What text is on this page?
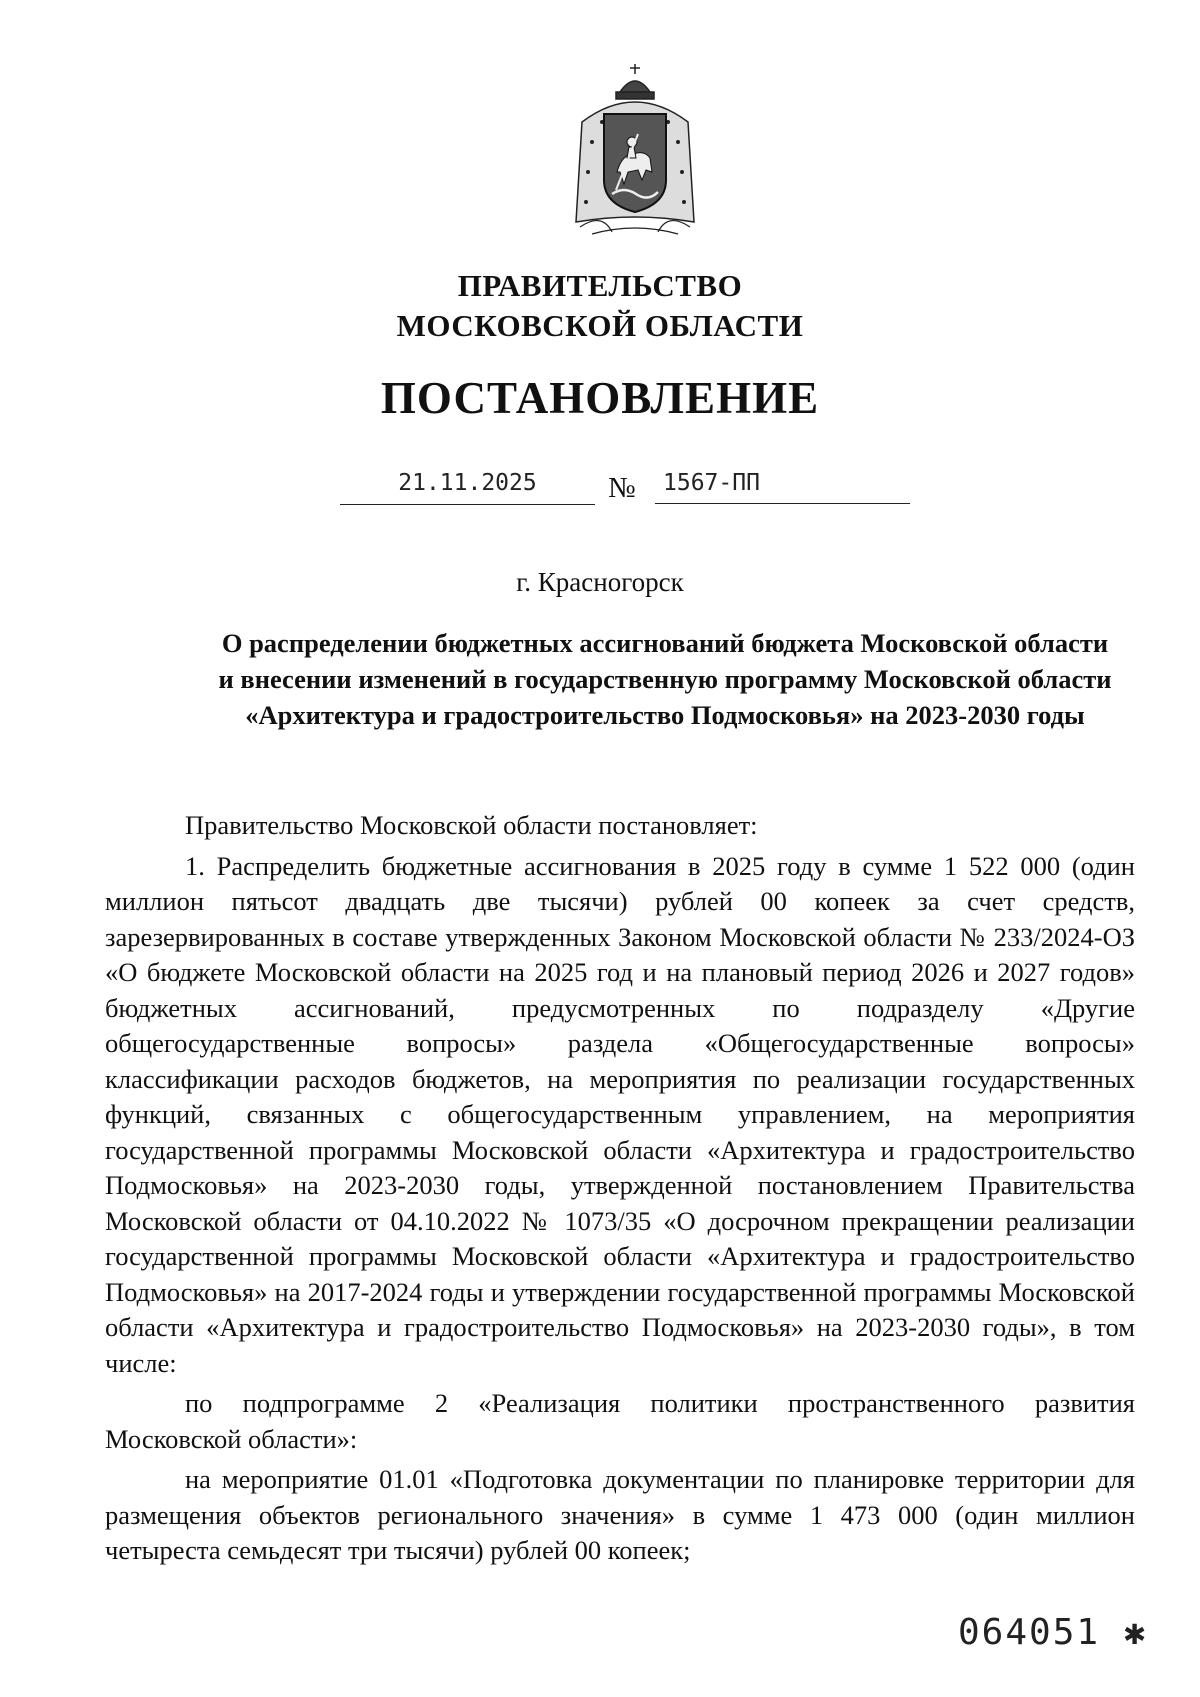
ПРАВИТЕЛЬСТВО
МОСКОВСКОЙ ОБЛАСТИ
ПОСТАНОВЛЕНИЕ
21.11.2025	№	1567-ПП
г. Красногорск
О распределении бюджетных ассигнований бюджета Московской области и внесении изменений в государственную программу Московской области «Архитектура и градостроительство Подмосковья» на 2023-2030 годы

Правительство Московской области постановляет:

1. Распределить бюджетные ассигнования в 2025 году в сумме 1 522 000 (один миллион пятьсот двадцать две тысячи) рублей 00 копеек за счет средств, зарезервированных в составе утвержденных Законом Московской области № 233/2024-ОЗ «О бюджете Московской области на 2025 год и на плановый период 2026 и 2027 годов» бюджетных ассигнований, предусмотренных по подразделу «Другие общегосударственные вопросы» раздела «Общегосударственные вопросы» классификации расходов бюджетов, на мероприятия по реализации государственных функций, связанных с общегосударственным управлением, на мероприятия государственной программы Московской области «Архитектура и градостроительство Подмосковья» на 2023-2030 годы, утвержденной постановлением Правительства Московской области от 04.10.2022 № 1073/35 «О досрочном прекращении реализации государственной программы Московской области «Архитектура и градостроительство Подмосковья» на 2017-2024 годы и утверждении государственной программы Московской области «Архитектура и градостроительство Подмосковья» на 2023-2030 годы», в том числе:

по подпрограмме 2 «Реализация политики пространственного развития Московской области»:

на мероприятие 01.01 «Подготовка документации по планировке территории для размещения объектов регионального значения» в сумме 1 473 000 (один миллион четыреста семьдесят три тысячи) рублей 00 копеек;

064051 ✱
